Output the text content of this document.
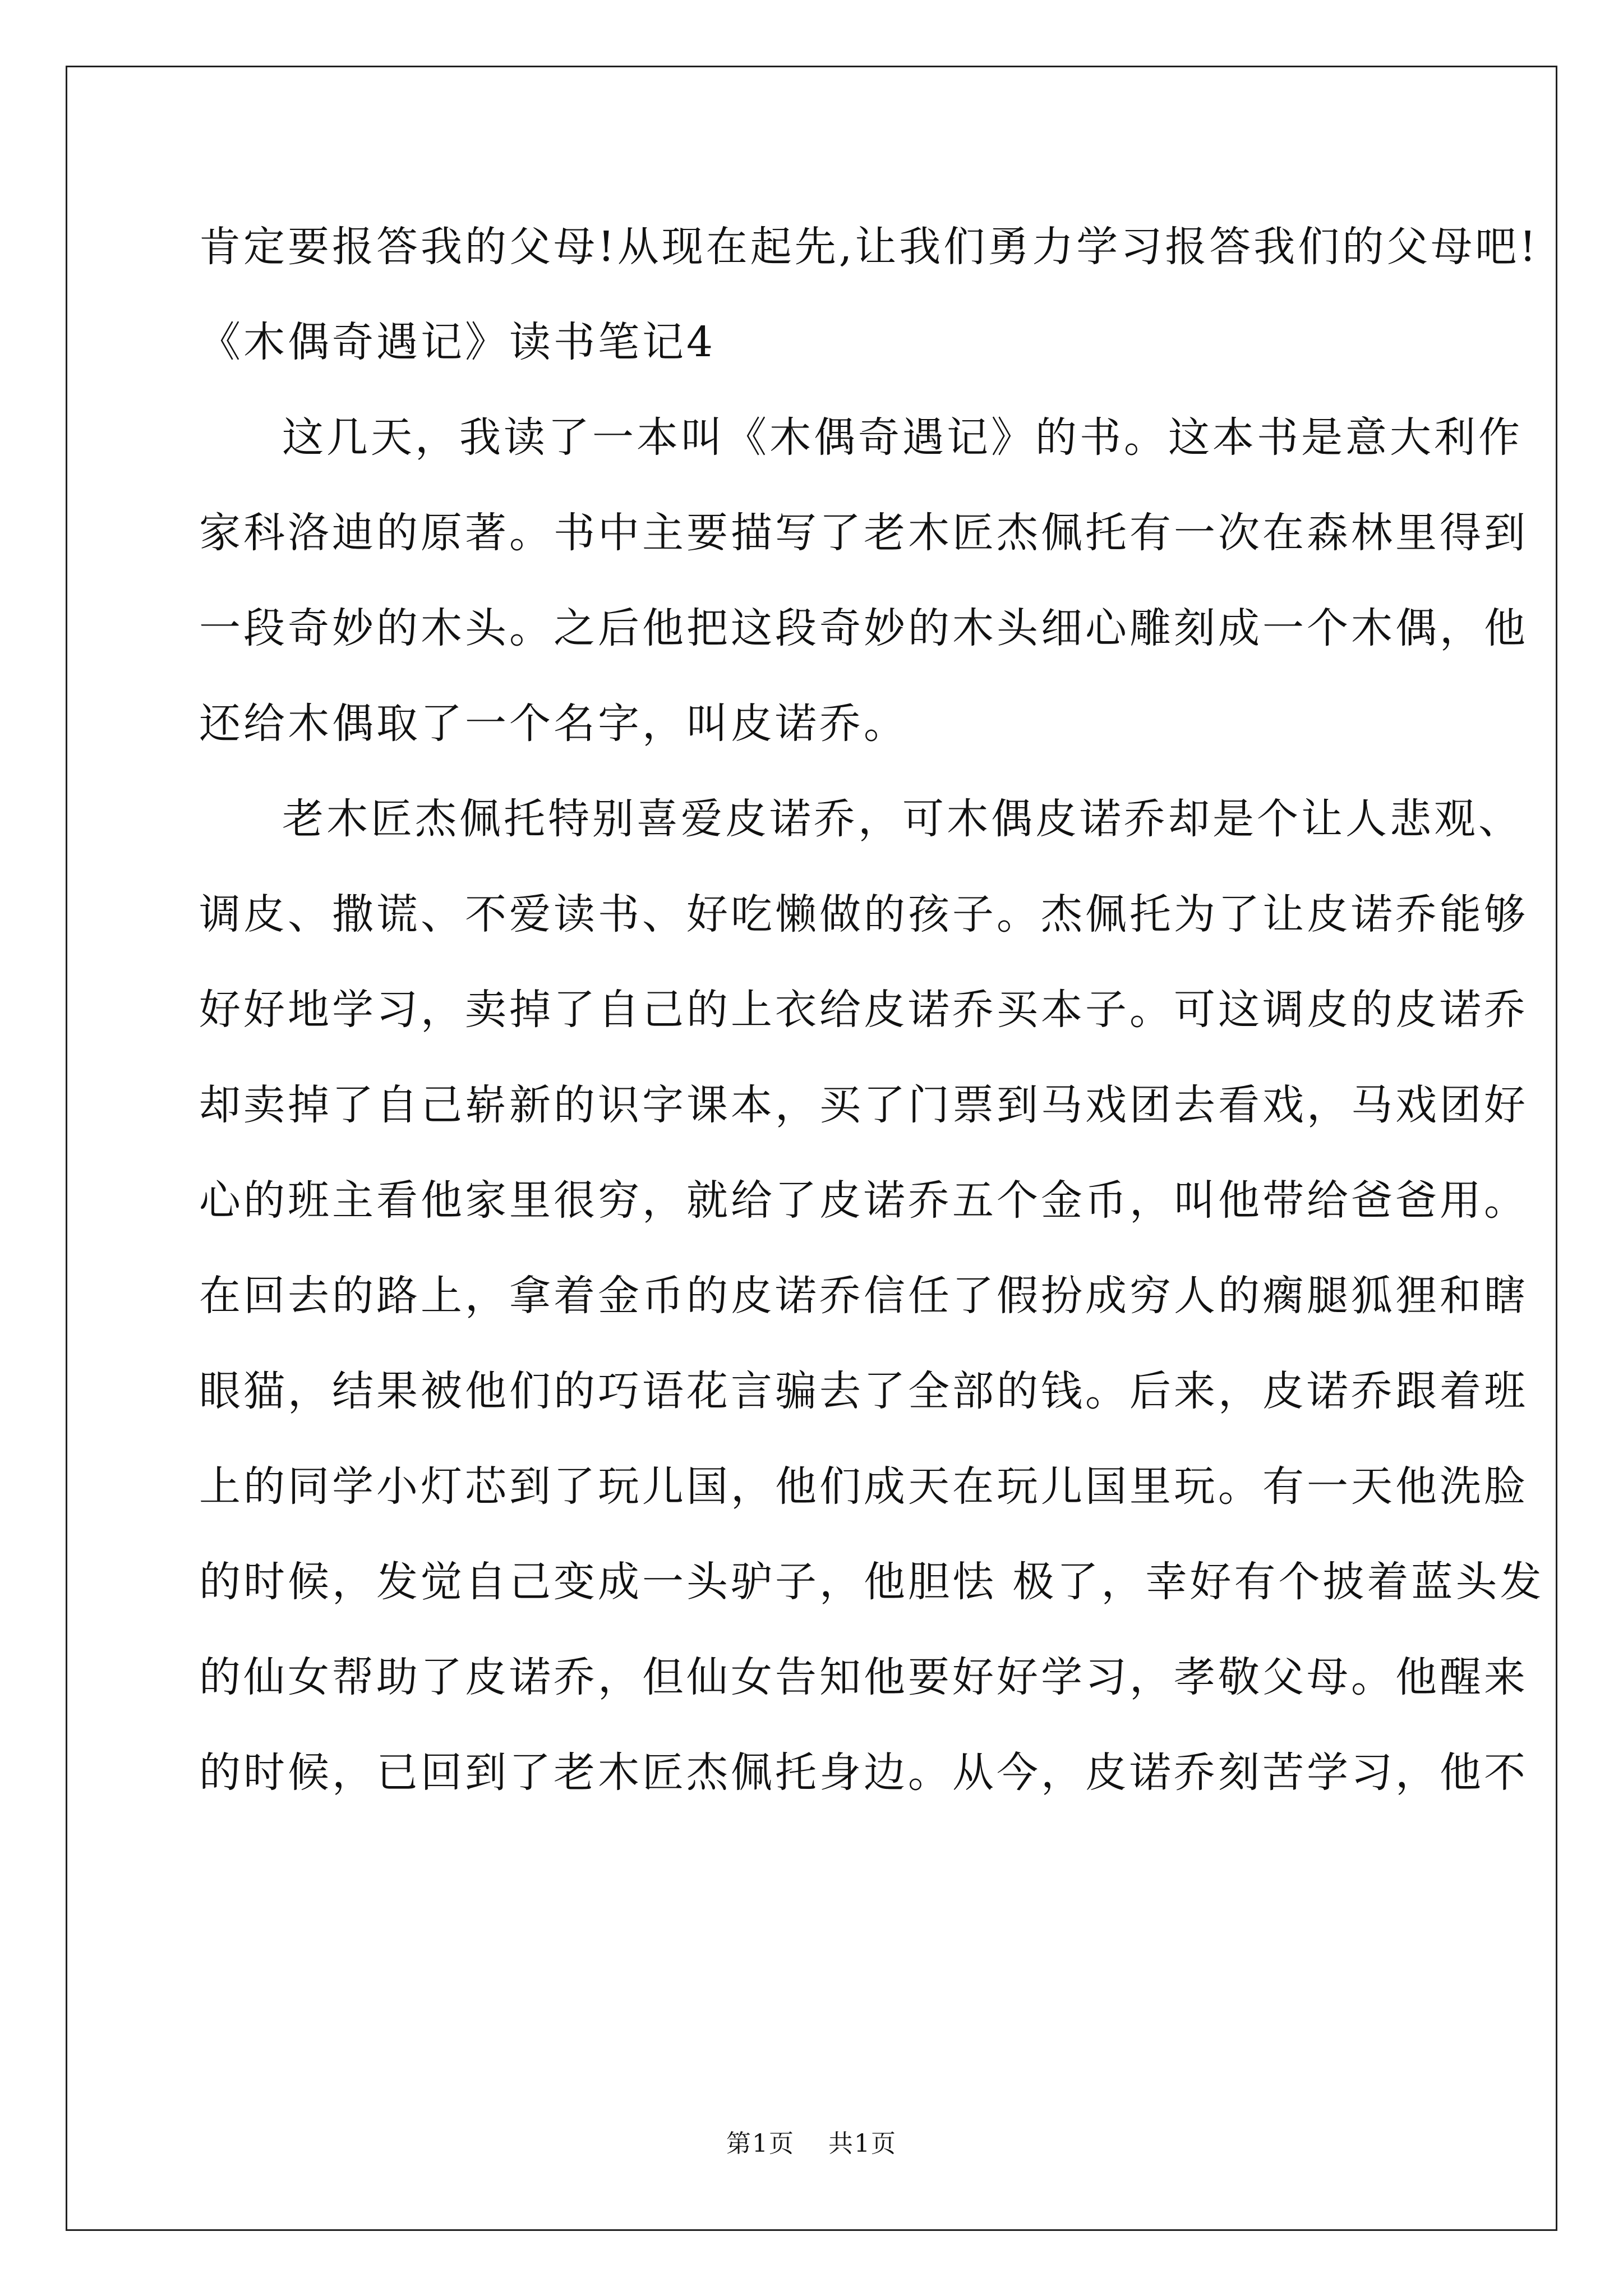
肯定要报答我的父母!从现在起先,让我们勇力学习报答我们的父母吧!
《木偶奇遇记》读书笔记4
这几天，我读了一本叫《木偶奇遇记》的书。这本书是意大利作
家科洛迪的原著。书中主要描写了老木匠杰佩托有一次在森林里得到
一段奇妙的木头。之后他把这段奇妙的木头细心雕刻成一个木偶，他
还给木偶取了一个名字，叫皮诺乔。
老木匠杰佩托特别喜爱皮诺乔，可木偶皮诺乔却是个让人悲观、
调皮、撒谎、不爱读书、好吃懒做的孩子。杰佩托为了让皮诺乔能够
好好地学习，卖掉了自己的上衣给皮诺乔买本子。可这调皮的皮诺乔
却卖掉了自己崭新的识字课本，买了门票到马戏团去看戏，马戏团好
心的班主看他家里很穷，就给了皮诺乔五个金币，叫他带给爸爸用。
在回去的路上，拿着金币的皮诺乔信任了假扮成穷人的瘸腿狐狸和瞎
眼猫，结果被他们的巧语花言骗去了全部的钱。后来，皮诺乔跟着班
上的同学小灯芯到了玩儿国，他们成天在玩儿国里玩。有一天他洗脸
的时候，发觉自己变成一头驴子，他胆怯 极了，幸好有个披着蓝头发
的仙女帮助了皮诺乔，但仙女告知他要好好学习，孝敬父母。他醒来
的时候，已回到了老木匠杰佩托身边。从今，皮诺乔刻苦学习，他不
第1页 共1页
